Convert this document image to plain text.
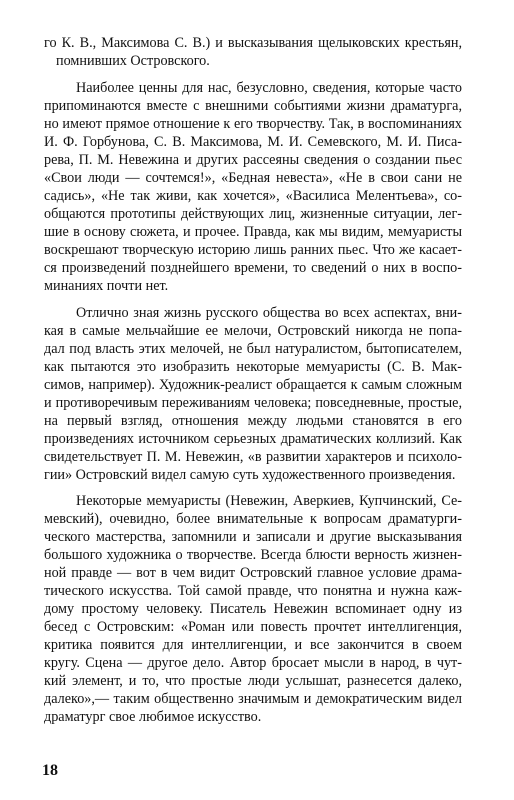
го К. В., Максимова С. В.) и высказывания щелыковских крестьян,
помнивших Островского.
Наиболее ценны для нас, безусловно, сведения, которые часто
припоминаются вместе с внешними событиями жизни драматурга,
но имеют прямое отношение к его творчеству. Так, в воспоминаниях
И. Ф. Горбунова, С. В. Максимова, М. И. Семевского, М. И. Писа-
рева, П. М. Невежина и других рассеяны сведения о создании пьес
«Свои люди — сочтемся!», «Бедная невеста», «Не в свои сани не
садись», «Не так живи, как хочется», «Василиса Мелентьева», со-
общаются прототипы действующих лиц, жизненные ситуации, лег-
шие в основу сюжета, и прочее. Правда, как мы видим, мемуаристы
воскрешают творческую историю лишь ранних пьес. Что же касает-
ся произведений позднейшего времени, то сведений о них в воспо-
минаниях почти нет.
Отлично зная жизнь русского общества во всех аспектах, вни-
кая в самые мельчайшие ее мелочи, Островский никогда не попа-
дал под власть этих мелочей, не был натуралистом, бытописателем,
как пытаются это изобразить некоторые мемуаристы (С. В. Мак-
симов, например). Художник-реалист обращается к самым сложным
и противоречивым переживаниям человека; повседневные, простые,
на первый взгляд, отношения между людьми становятся в его
произведениях источником серьезных драматических коллизий. Как
свидетельствует П. М. Невежин, «в развитии характеров и психоло-
гии» Островский видел самую суть художественного произведения.
Некоторые мемуаристы (Невежин, Аверкиев, Купчинский, Се-
мевский), очевидно, более внимательные к вопросам драматурги-
ческого мастерства, запомнили и записали и другие высказывания
большого художника о творчестве. Всегда блюсти верность жизнен-
ной правде — вот в чем видит Островский главное условие драма-
тического искусства. Той самой правде, что понятна и нужна каж-
дому простому человеку. Писатель Невежин вспоминает одну из
бесед с Островским: «Роман или повесть прочтет интеллигенция,
критика появится для интеллигенции, и все закончится в своем
кругу. Сцена — другое дело. Автор бросает мысли в народ, в чут-
кий элемент, и то, что простые люди услышат, разнесется далеко,
далеко»,— таким общественно значимым и демократическим видел
драматург свое любимое искусство.
18
